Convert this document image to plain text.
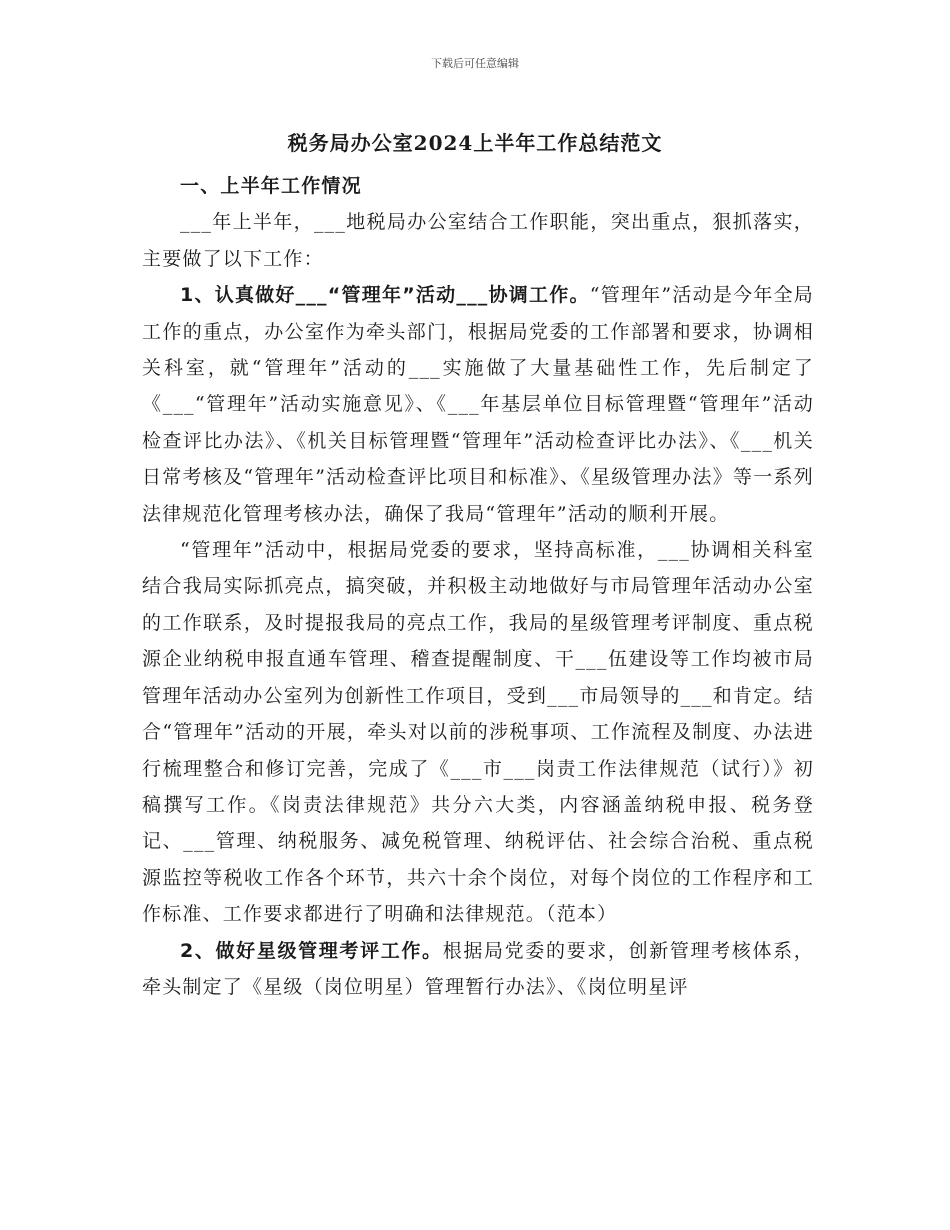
下载后可任意编辑
税务局办公室2024上半年工作总结范文

一、上半年工作情况

___年上半年，___地税局办公室结合工作职能，突出重点，狠抓落实，主要做了以下工作：

1、认真做好___“管理年”活动___协调工作。“管理年”活动是今年全局工作的重点，办公室作为牵头部门，根据局党委的工作部署和要求，协调相关科室，就“管理年”活动的___实施做了大量基础性工作，先后制定了《___“管理年”活动实施意见》、《___年基层单位目标管理暨“管理年”活动检查评比办法》、《机关目标管理暨“管理年”活动检查评比办法》、《___机关日常考核及“管理年”活动检查评比项目和标准》、《星级管理办法》等一系列法律规范化管理考核办法，确保了我局“管理年”活动的顺利开展。

“管理年”活动中，根据局党委的要求，坚持高标准，___协调相关科室结合我局实际抓亮点，搞突破，并积极主动地做好与市局管理年活动办公室的工作联系，及时提报我局的亮点工作，我局的星级管理考评制度、重点税源企业纳税申报直通车管理、稽查提醒制度、干___伍建设等工作均被市局管理年活动办公室列为创新性工作项目，受到___市局领导的___和肯定。结合“管理年”活动的开展，牵头对以前的涉税事项、工作流程及制度、办法进行梳理整合和修订完善，完成了《___市___岗责工作法律规范（试行）》初稿撰写工作。《岗责法律规范》共分六大类，内容涵盖纳税申报、税务登记、___管理、纳税服务、减免税管理、纳税评估、社会综合治税、重点税源监控等税收工作各个环节，共六十余个岗位，对每个岗位的工作程序和工作标准、工作要求都进行了明确和法律规范。（范本）

2、做好星级管理考评工作。根据局党委的要求，创新管理考核体系，牵头制定了《星级（岗位明星）管理暂行办法》、《岗位明星评
